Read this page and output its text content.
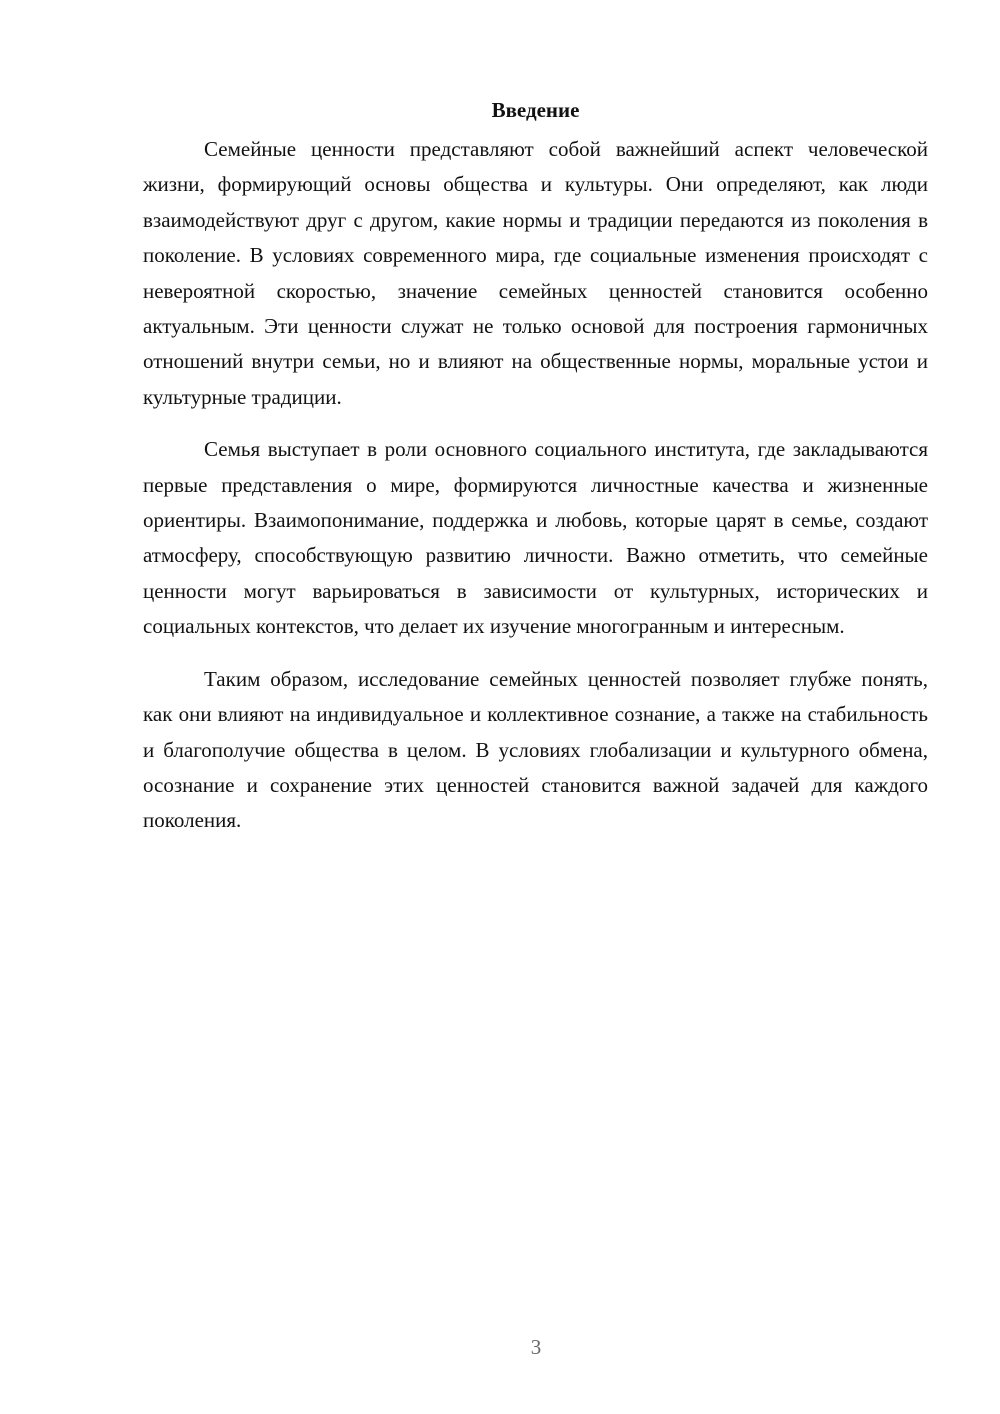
Введение

Семейные ценности представляют собой важнейший аспект человеческой жизни, формирующий основы общества и культуры. Они определяют, как люди взаимодействуют друг с другом, какие нормы и традиции передаются из поколения в поколение. В условиях современного мира, где социальные изменения происходят с невероятной скоростью, значение семейных ценностей становится особенно актуальным. Эти ценности служат не только основой для построения гармоничных отношений внутри семьи, но и влияют на общественные нормы, моральные устои и культурные традиции.

Семья выступает в роли основного социального института, где закладываются первые представления о мире, формируются личностные качества и жизненные ориентиры. Взаимопонимание, поддержка и любовь, которые царят в семье, создают атмосферу, способствующую развитию личности. Важно отметить, что семейные ценности могут варьироваться в зависимости от культурных, исторических и социальных контекстов, что делает их изучение многогранным и интересным.

Таким образом, исследование семейных ценностей позволяет глубже понять, как они влияют на индивидуальное и коллективное сознание, а также на стабильность и благополучие общества в целом. В условиях глобализации и культурного обмена, осознание и сохранение этих ценностей становится важной задачей для каждого поколения.

3
